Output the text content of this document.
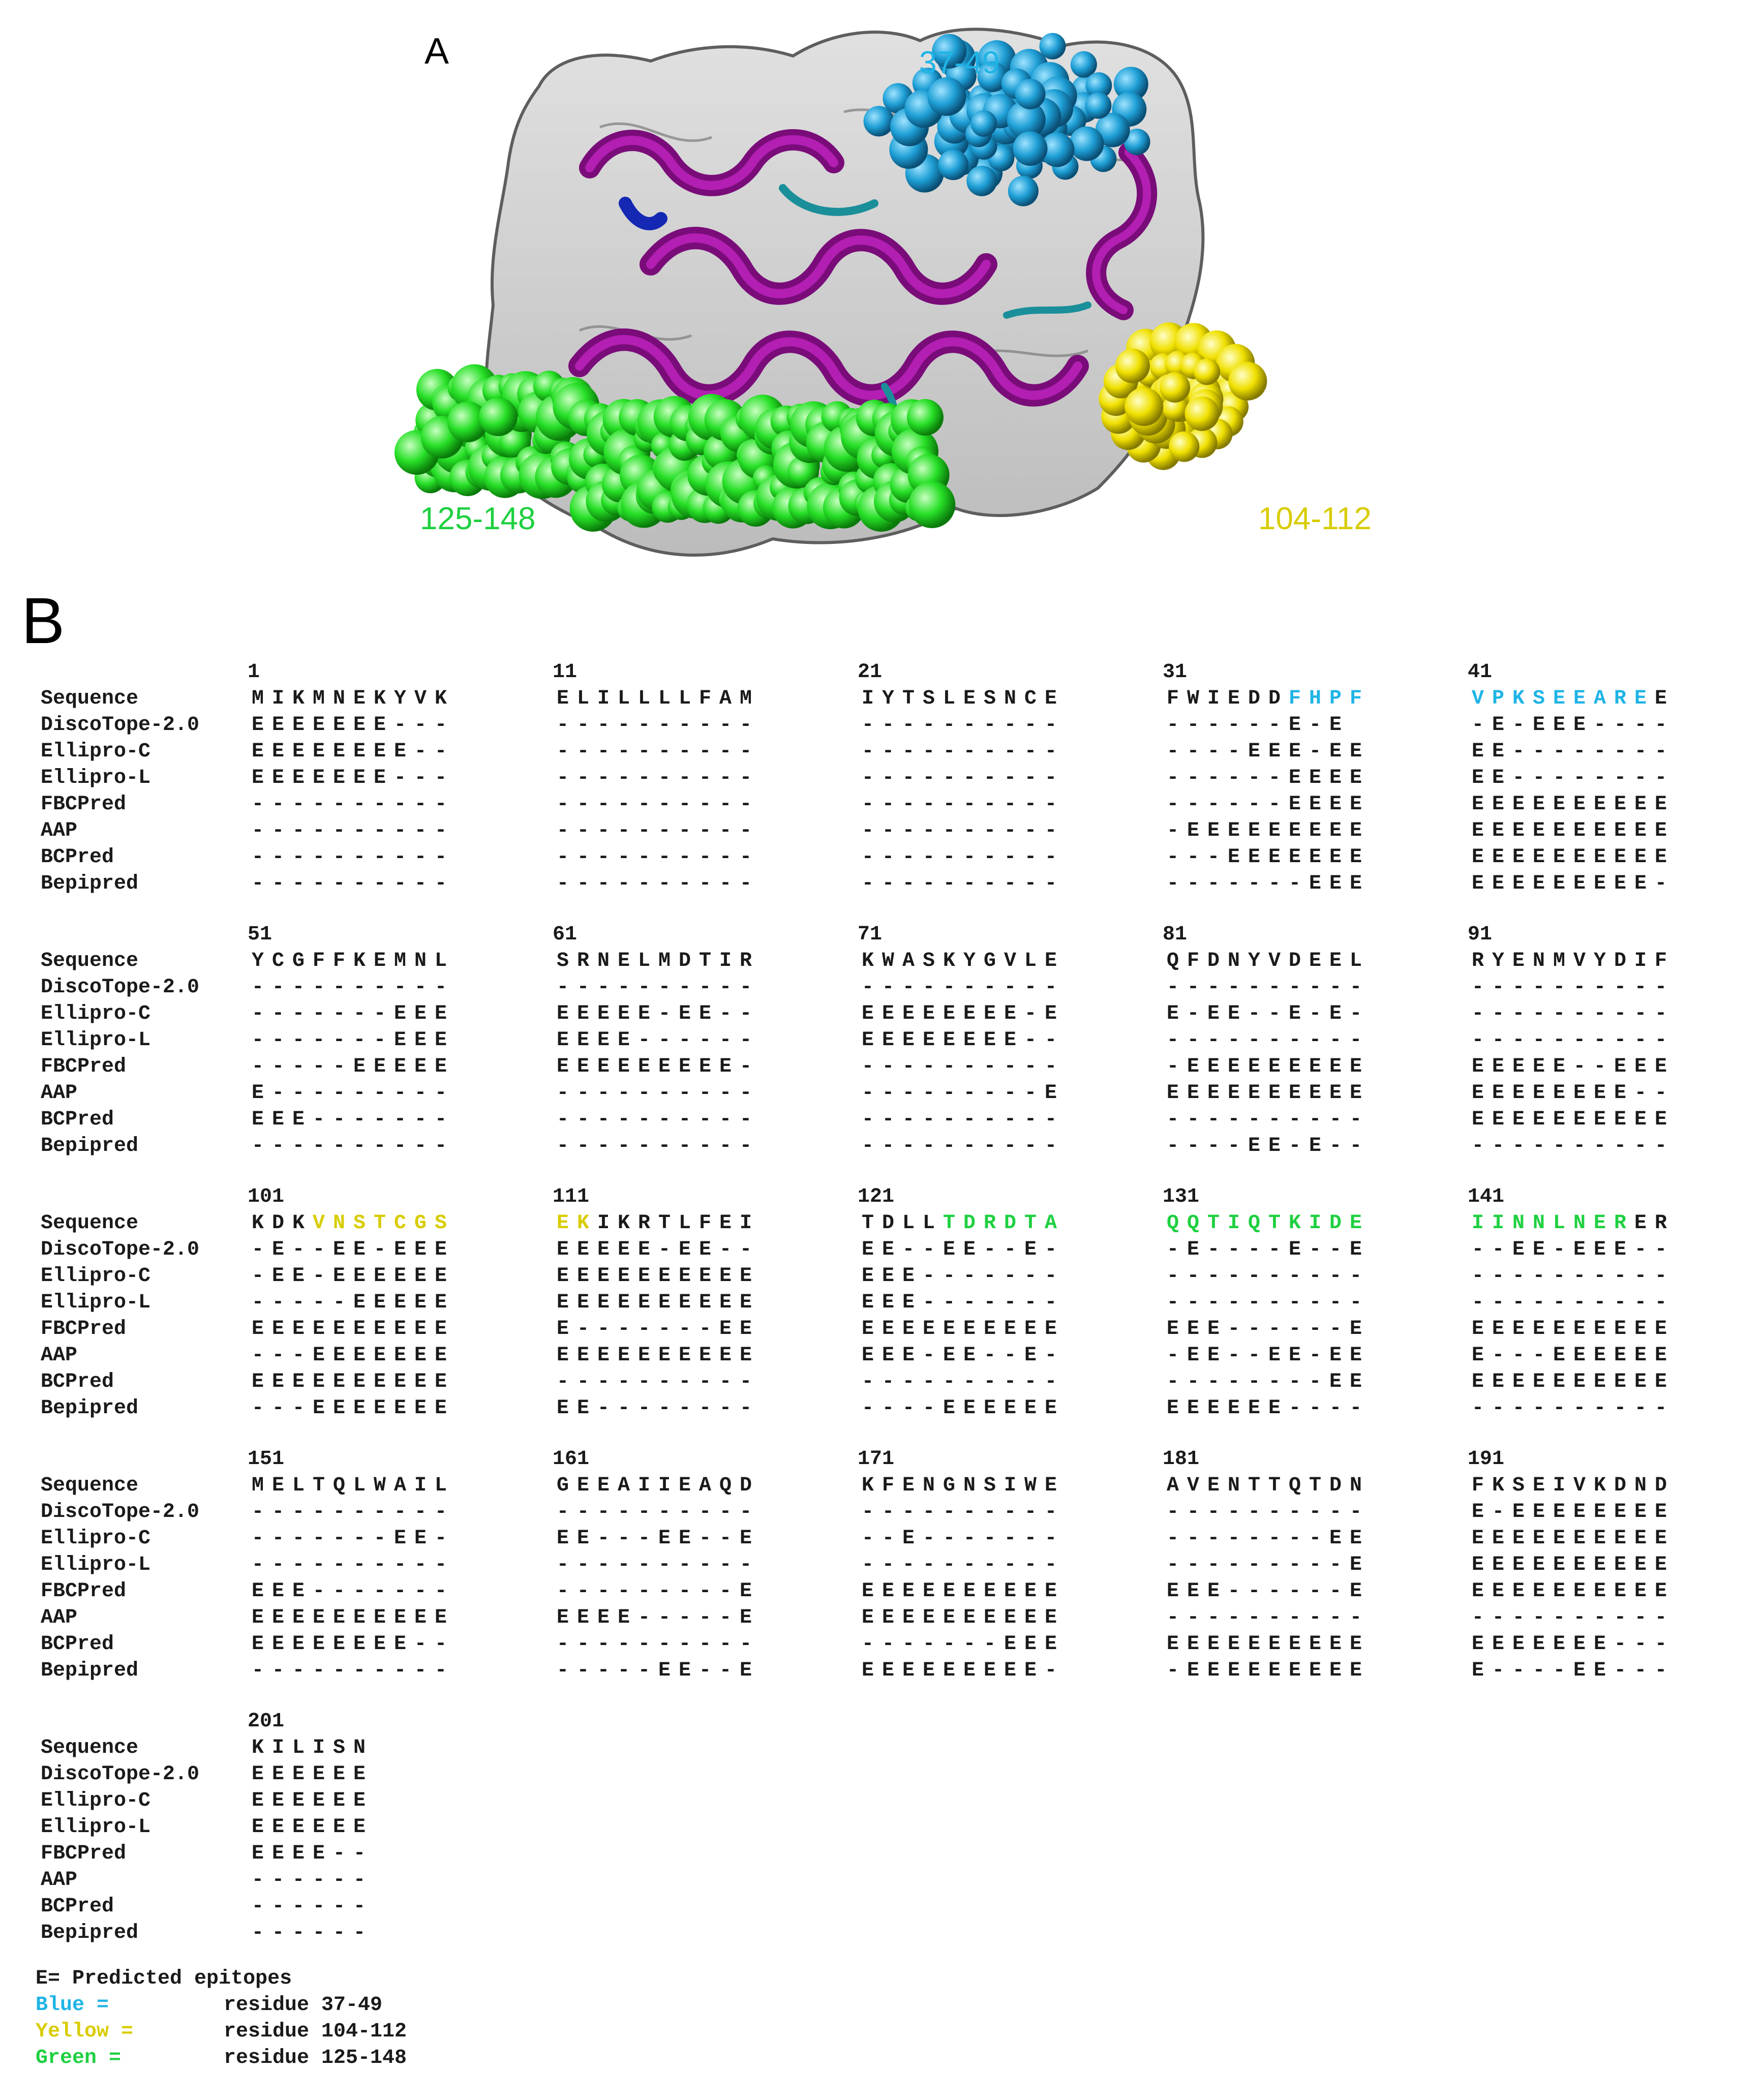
A	37-49
125-148	104-112
B
1	11	21	31	41
Sequence	M I K M N E K Y V K	E L I L L L L F A M	I Y T S L E S N C E	F W I E D D F H P F	V P K S E E A R E E
DiscoTope-2.0	E E E E E E E - - -	- - - - - - - - - -	- - - - - - - - - -	- - - - - - E - E	- E - E E E - - - -
Ellipro-C	E E E E E E E E - -	- - - - - - - - - -	- - - - - - - - - -	- - - - E E E - E E	E E - - - - - - - -
Ellipro-L	E E E E E E E - - -	- - - - - - - - - -	- - - - - - - - - -	- - - - - - E E E E	E E - - - - - - - -
FBCPred	- - - - - - - - - -	- - - - - - - - - -	- - - - - - - - - -	- - - - - - E E E E	E E E E E E E E E E
AAP	- - - - - - - - - -	- - - - - - - - - -	- - - - - - - - - -	- E E E E E E E E E	E E E E E E E E E E
BCPred	- - - - - - - - - -	- - - - - - - - - -	- - - - - - - - - -	- - - E E E E E E E	E E E E E E E E E E
Bepipred	- - - - - - - - - -	- - - - - - - - - -	- - - - - - - - - -	- - - - - - - E E E	E E E E E E E E E -
51	61	71	81	91
Sequence	Y C G F F K E M N L	S R N E L M D T I R	K W A S K Y G V L E	Q F D N Y V D E E L	R Y E N M V Y D I F
DiscoTope-2.0	- - - - - - - - - -	- - - - - - - - - -	- - - - - - - - - -	- - - - - - - - - -	- - - - - - - - - -
Ellipro-C	- - - - - - - E E E	E E E E E - E E - -	E E E E E E E E - E	E - E E - - E - E -	- - - - - - - - - -
Ellipro-L	- - - - - - - E E E	E E E E - - - - - -	E E E E E E E E - -	- - - - - - - - - -	- - - - - - - - - -
FBCPred	- - - - - E E E E E	E E E E E E E E E -	- - - - - - - - - -	- E E E E E E E E E	E E E E E - - E E E
AAP	E - - - - - - - - -	- - - - - - - - - -	- - - - - - - - - E	E E E E E E E E E E	E E E E E E E E - -
BCPred	E E E - - - - - - -	- - - - - - - - - -	- - - - - - - - - -	- - - - - - - - - -	E E E E E E E E E E
Bepipred	- - - - - - - - - -	- - - - - - - - - -	- - - - - - - - - -	- - - - E E - E - -	- - - - - - - - - -
101	111	121	131	141
Sequence	K D K V N S T C G S	E K I K R T L F E I	T D L L T D R D T A	Q Q T I Q T K I D E	I I N N L N E R E R
DiscoTope-2.0	- E - - E E - E E E	E E E E E - E E - -	E E - - E E - - E -	- E - - - - E - - E	- - E E - E E E - -
Ellipro-C	- E E - E E E E E E	E E E E E E E E E E	E E E - - - - - - -	- - - - - - - - - -	- - - - - - - - - -
Ellipro-L	- - - - - E E E E E	E E E E E E E E E E	E E E - - - - - - -	- - - - - - - - - -	- - - - - - - - - -
FBCPred	E E E E E E E E E E	E - - - - - - - E E	E E E E E E E E E E	E E E - - - - - - E	E E E E E E E E E E
AAP	- - - E E E E E E E	E E E E E E E E E E	E E E - E E - - E -	- E E - - E E - E E	E - - - E E E E E E
BCPred	E E E E E E E E E E	- - - - - - - - - -	- - - - - - - - - -	- - - - - - - - E E	E E E E E E E E E E
Bepipred	- - - E E E E E E E	E E - - - - - - - -	- - - - E E E E E E	E E E E E E - - - -	- - - - - - - - - -
151	161	171	181	191
Sequence	M E L T Q L W A I L	G E E A I I E A Q D	K F E N G N S I W E	A V E N T T Q T D N	F K S E I V K D N D
DiscoTope-2.0	- - - - - - - - - -	- - - - - - - - - -	- - - - - - - - - -	- - - - - - - - - -	E - E E E E E E E E
Ellipro-C	- - - - - - - E E -	E E - - - E E - - E	- - E - - - - - - -	- - - - - - - - E E	E E E E E E E E E E
Ellipro-L	- - - - - - - - - -	- - - - - - - - - -	- - - - - - - - - -	- - - - - - - - - E	E E E E E E E E E E
FBCPred	E E E - - - - - - -	- - - - - - - - - E	E E E E E E E E E E	E E E - - - - - - E	E E E E E E E E E E
AAP	E E E E E E E E E E	E E E E - - - - - E	E E E E E E E E E E	- - - - - - - - - -	- - - - - - - - - -
BCPred	E E E E E E E E - -	- - - - - - - - - -	- - - - - - - E E E	E E E E E E E E E E	E E E E E E E - - -
Bepipred	- - - - - - - - - -	- - - - - E E - - E	E E E E E E E E E -	- E E E E E E E E E	E - - - - E E - - -
201
Sequence	K I L I S N
DiscoTope-2.0	E E E E E E
Ellipro-C	E E E E E E
Ellipro-L	E E E E E E
FBCPred	E E E E - -
AAP	- - - - - -
BCPred	- - - - - -
Bepipred	- - - - - -
E= Predicted epitopes
Blue =	residue 37-49
Yellow =	residue 104-112
Green =	residue 125-148
